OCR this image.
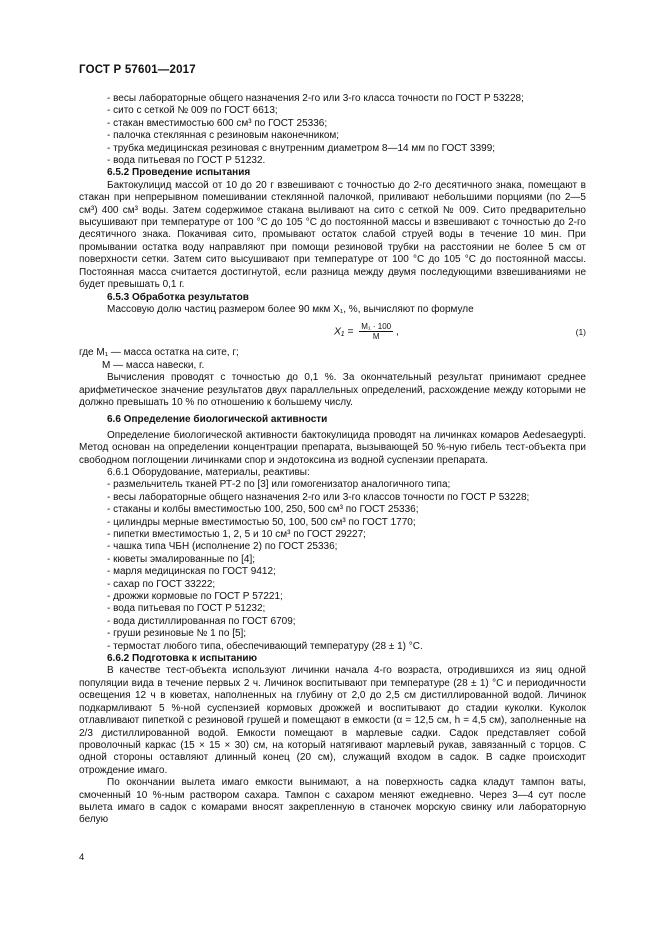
ГОСТ Р 57601—2017

- весы лабораторные общего назначения 2-го или 3-го класса точности по ГОСТ Р 53228;

- сито с сеткой № 009 по ГОСТ 6613;

- стакан вместимостью 600 см³ по ГОСТ 25336;

- палочка стеклянная с резиновым наконечником;

- трубка медицинская резиновая с внутренним диаметром 8—14 мм по ГОСТ 3399;

- вода питьевая по ГОСТ Р 51232.

6.5.2 Проведение испытания

Бактокулицид массой от 10 до 20 г взвешивают с точностью до 2-го десятичного знака, помещают в стакан при непрерывном помешивании стеклянной палочкой, приливают небольшими порциями (по 2—5 см³) 400 см³ воды. Затем содержимое стакана выливают на сито с сеткой № 009. Сито предварительно высушивают при температуре от 100 °С до 105 °С до постоянной массы и взвешивают с точностью до 2-го десятичного знака. Покачивая сито, промывают остаток слабой струей воды в течение 10 мин. При промывании остатка воду направляют при помощи резиновой трубки на расстоянии не более 5 см от поверхности сетки. Затем сито высушивают при температуре от 100 °С до 105 °С до постоянной массы. Постоянная масса считается достигнутой, если разница между двумя последующими взвешиваниями не будет превышать 0,1 г.

6.5.3 Обработка результатов

Массовую долю частиц размером более 90 мкм X₁, %, вычисляют по формуле

$X_1 = \frac{\text{M₁ · 100}}{M}$ ,	(1)

где M₁ — масса остатка на сите, г;

M — масса навески, г.

Вычисления проводят с точностью до 0,1 %. За окончательный результат принимают среднее арифметическое значение результатов двух параллельных определений, расхождение между которыми не должно превышать 10 % по отношению к большему числу.

6.6 Определение биологической активности

Определение биологической активности бактокулицида проводят на личинках комаров Aedesaegypti. Метод основан на определении концентрации препарата, вызывающей 50 %-ную гибель тест-объекта при свободном поглощении личинками спор и эндотоксина из водной суспензии препарата.

6.6.1 Оборудование, материалы, реактивы:

- размельчитель тканей РТ-2 по [3] или гомогенизатор аналогичного типа;

- весы лабораторные общего назначения 2-го или 3-го классов точности по ГОСТ Р 53228;

- стаканы и колбы вместимостью 100, 250, 500 см³ по ГОСТ 25336;

- цилиндры мерные вместимостью 50, 100, 500 см³ по ГОСТ 1770;

- пипетки вместимостью 1, 2, 5 и 10 см³ по ГОСТ 29227;

- чашка типа ЧБН (исполнение 2) по ГОСТ 25336;

- кюветы эмалированные по [4];

- марля медицинская по ГОСТ 9412;

- сахар по ГОСТ 33222;

- дрожжи кормовые по ГОСТ Р 57221;

- вода питьевая по ГОСТ Р 51232;

- вода дистиллированная по ГОСТ 6709;

- груши резиновые № 1 по [5];

- термостат любого типа, обеспечивающий температуру (28 ± 1) °С.

6.6.2 Подготовка к испытанию

В качестве тест-объекта используют личинки начала 4-го возраста, отродившихся из яиц одной популяции вида в течение первых 2 ч. Личинок воспитывают при температуре (28 ± 1) °С и периодичности освещения 12 ч в кюветах, наполненных на глубину от 2,0 до 2,5 см дистиллированной водой. Личинок подкармливают 5 %-ной суспензией кормовых дрожжей и воспитывают до стадии куколки. Куколок отлавливают пипеткой с резиновой грушей и помещают в емкости (α = 12,5 см, h = 4,5 см), заполненные на 2/3 дистиллированной водой. Емкости помещают в марлевые садки. Садок представляет собой проволочный каркас (15 × 15 × 30) см, на который натягивают марлевый рукав, завязанный с торцов. С одной стороны оставляют длинный конец (20 см), служащий входом в садок. В садке происходит отрождение имаго.

По окончании вылета имаго емкости вынимают, а на поверхность садка кладут тампон ваты, смоченный 10 %-ным раствором сахара. Тампон с сахаром меняют ежедневно. Через 3—4 сут после вылета имаго в садок с комарами вносят закрепленную в станочек морскую свинку или лабораторную белую

4
